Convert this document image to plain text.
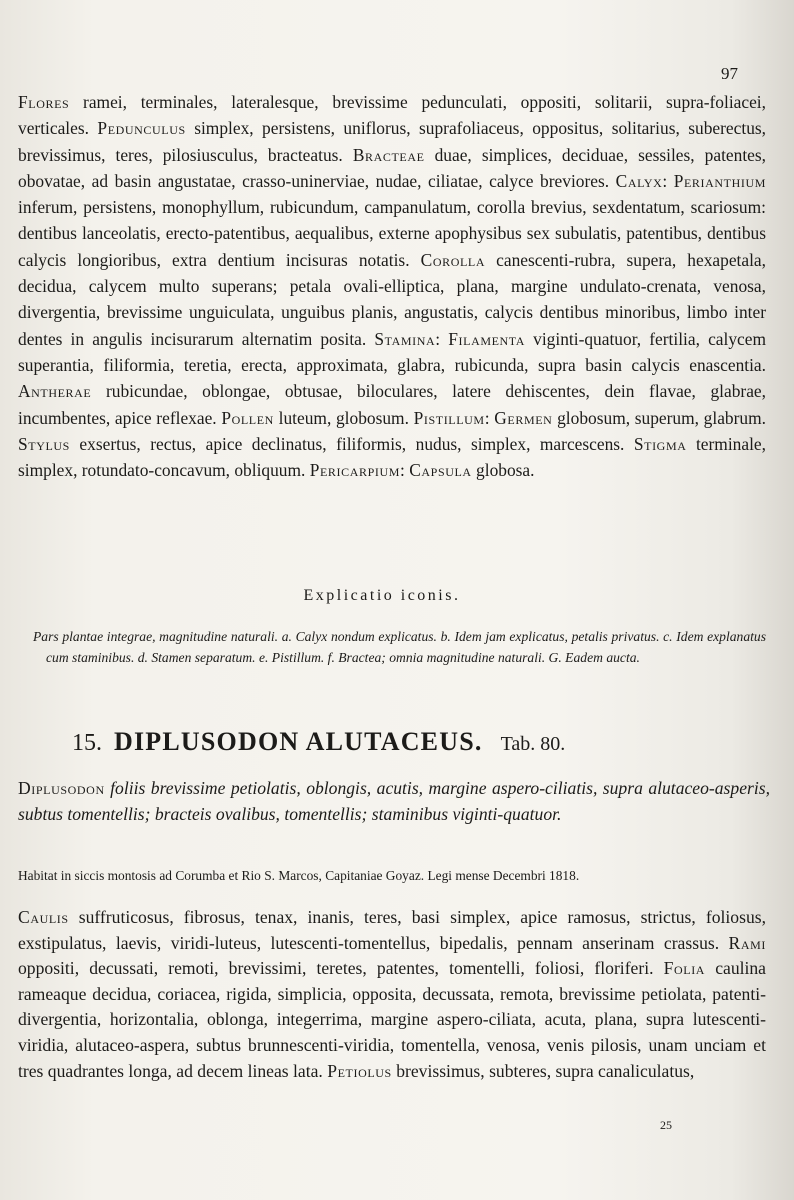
97
Flores ramei, terminales, lateralesque, brevissime pedunculati, oppositi, solitarii, supra-foliacei, verticales. Pedunculus simplex, persistens, uniflorus, suprafoliaceus, oppositus, solitarius, suberectus, brevissimus, teres, pilosiusculus, bracteatus. Bracteae duae, simplices, deciduae, sessiles, patentes, obovatae, ad basin angustatae, crasso-uninerviae, nudae, ciliatae, calyce breviores. Calyx: Perianthium inferum, persistens, monophyllum, rubicundum, campanulatum, corolla brevius, sexdentatum, scariosum: dentibus lanceolatis, erecto-patentibus, aequalibus, externe apophysibus sex subulatis, patentibus, dentibus calycis longioribus, extra dentium incisuras notatis. Corolla canescenti-rubra, supera, hexapetala, decidua, calycem multo superans; petala ovali-elliptica, plana, margine undulato-crenata, venosa, divergentia, brevissime unguiculata, unguibus planis, angustatis, calycis dentibus minoribus, limbo inter dentes in angulis incisurarum alternatim posita. Stamina: Filamenta viginti-quatuor, fertilia, calycem superantia, filiformia, teretia, erecta, approximata, glabra, rubicunda, supra basin calycis enascentia. Antherae rubicundae, oblongae, obtusae, biloculares, latere dehiscentes, dein flavae, glabrae, incumbentes, apice reflexae. Pollen luteum, globosum. Pistillum: Germen globosum, superum, glabrum. Stylus exsertus, rectus, apice declinatus, filiformis, nudus, simplex, marcescens. Stigma terminale, simplex, rotundato-concavum, obliquum. Pericarpium: Capsula globosa.
Explicatio iconis.
Pars plantae integrae, magnitudine naturali. a. Calyx nondum explicatus. b. Idem jam explicatus, petalis privatus. c. Idem explanatus cum staminibus. d. Stamen separatum. e. Pistillum. f. Bractea; omnia magnitudine naturali. G. Eadem aucta.
15. DIPLUSODON ALUTACEUS. Tab. 80.
Diplusodon foliis brevissime petiolatis, oblongis, acutis, margine aspero-ciliatis, supra alutaceo-asperis, subtus tomentellis; bracteis ovalibus, tomentellis; staminibus viginti-quatuor.
Habitat in siccis montosis ad Corumba et Rio S. Marcos, Capitaniae Goyaz. Legi mense Decembri 1818.
Caulis suffruticosus, fibrosus, tenax, inanis, teres, basi simplex, apice ramosus, strictus, foliosus, exstipulatus, laevis, viridi-luteus, lutescenti-tomentellus, bipedalis, pennam anserinam crassus. Rami oppositi, decussati, remoti, brevissimi, teretes, patentes, tomentelli, foliosi, floriferi. Folia caulina rameaque decidua, coriacea, rigida, simplicia, opposita, decussata, remota, brevissime petiolata, patenti-divergentia, horizontalia, oblonga, integerrima, margine aspero-ciliata, acuta, plana, supra lutescenti-viridia, alutaceo-aspera, subtus brunnescenti-viridia, tomentella, venosa, venis pilosis, unam unciam et tres quadrantes longa, ad decem lineas lata. Petiolus brevissimus, subteres, supra canaliculatus,
25
